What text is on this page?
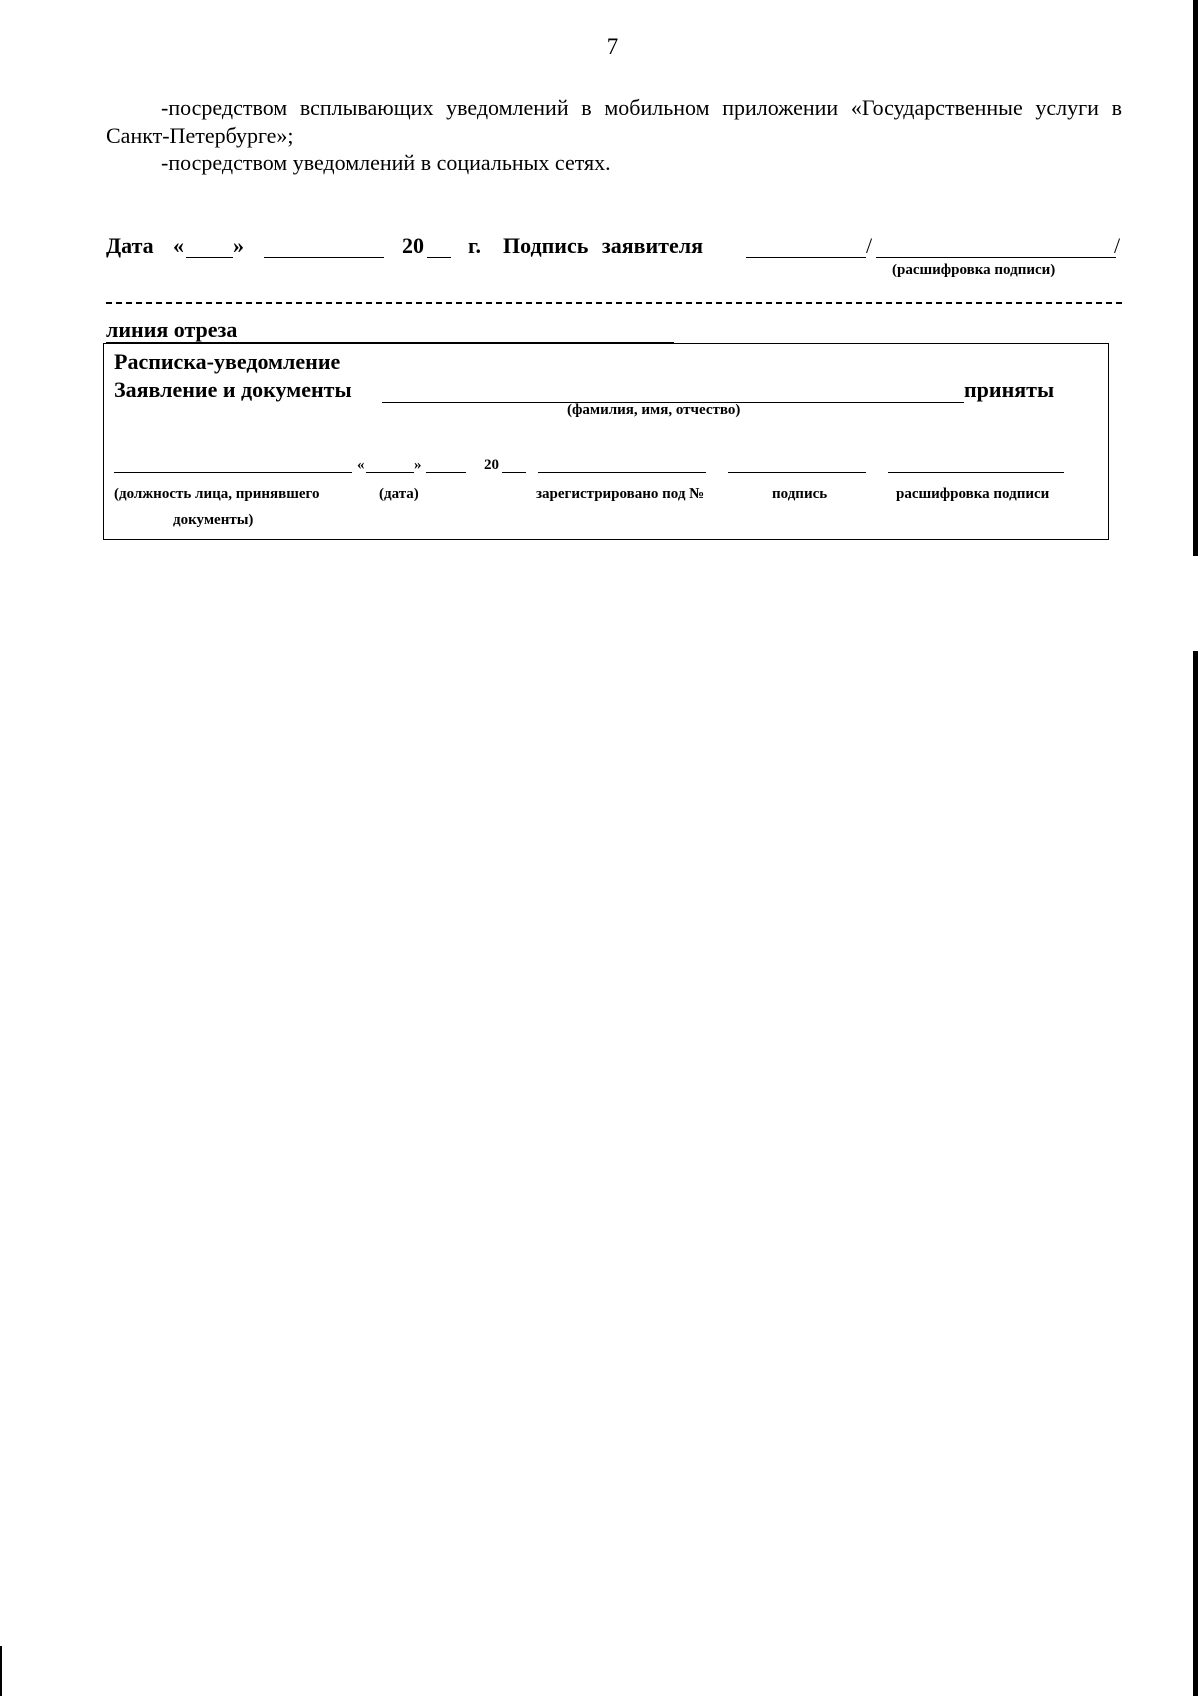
7
-посредством всплывающих уведомлений в мобильном приложении «Государственные услуги в Санкт-Петербурге»;
-посредством уведомлений в социальных сетях.
Дата « »	20 г. Подпись заявителя	/	/
(расшифровка подписи)
линия отреза
Расписка-уведомление
Заявление и документы	приняты
(фамилия, имя, отчество)
«	»	20
(должность лица, принявшего
документы)
(дата)	зарегистрировано под №	подпись	расшифровка подписи
